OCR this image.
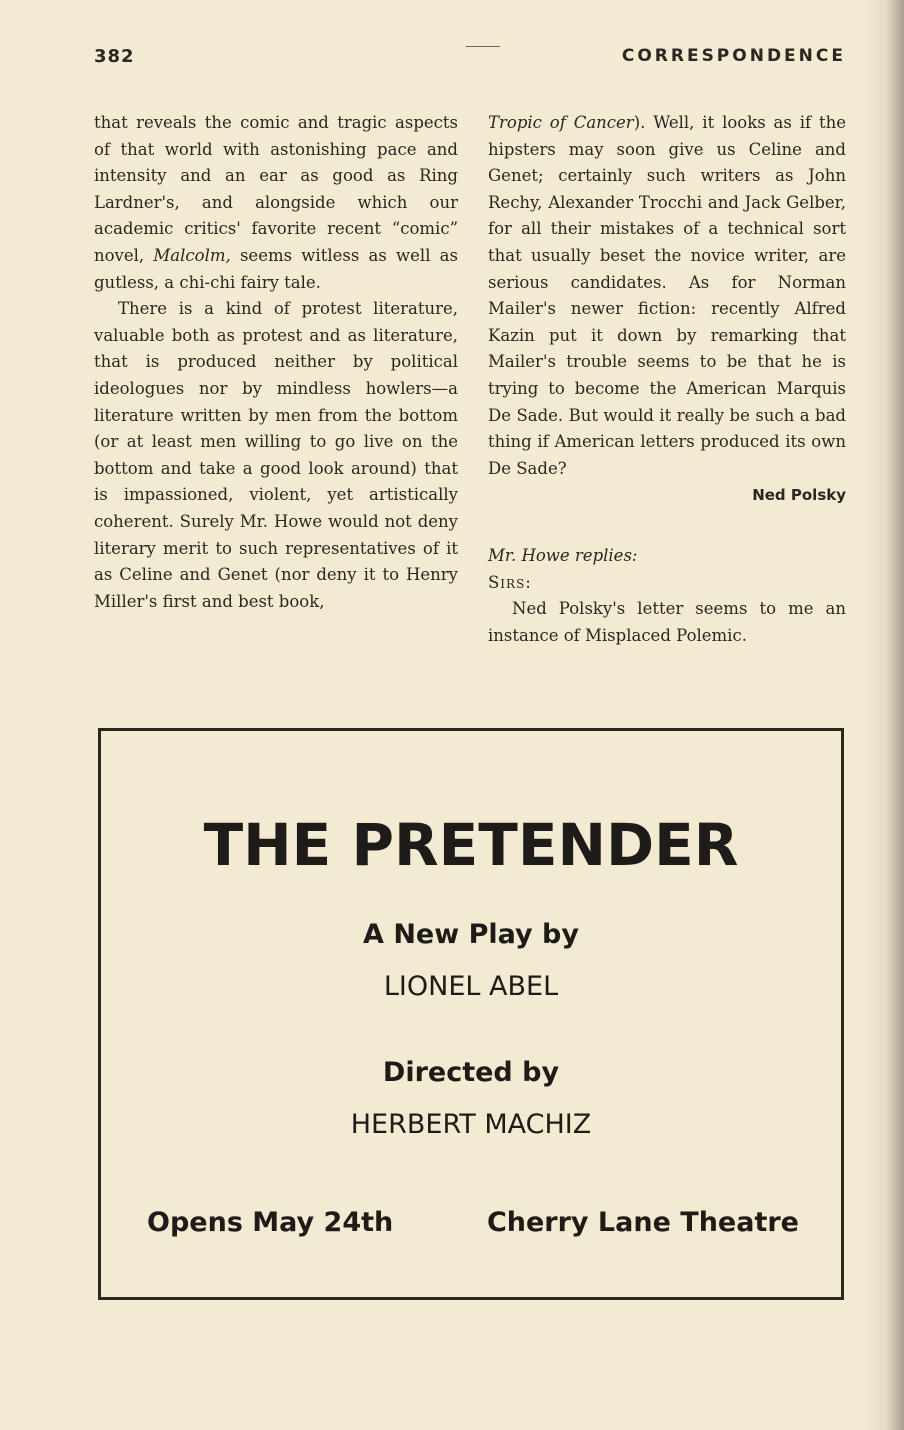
382	CORRESPONDENCE

that reveals the comic and tragic aspects of that world with astonishing pace and intensity and an ear as good as Ring Lardner's, and alongside which our academic critics' favorite recent “comic” novel, Malcolm, seems witless as well as gutless, a chi-chi fairy tale.

There is a kind of protest literature, valuable both as protest and as literature, that is produced neither by political ideologues nor by mindless howlers—a literature written by men from the bottom (or at least men willing to go live on the bottom and take a good look around) that is impassioned, violent, yet artistically coherent. Surely Mr. Howe would not deny literary merit to such representatives of it as Celine and Genet (nor deny it to Henry Miller's first and best book,

Tropic of Cancer). Well, it looks as if the hipsters may soon give us Celine and Genet; certainly such writers as John Rechy, Alexander Trocchi and Jack Gelber, for all their mistakes of a technical sort that usually beset the novice writer, are serious candidates. As for Norman Mailer's newer fiction: recently Alfred Kazin put it down by remarking that Mailer's trouble seems to be that he is trying to become the American Marquis De Sade. But would it really be such a bad thing if American letters produced its own De Sade?

Ned Polsky

Mr. Howe replies:

Sirs:

Ned Polsky's letter seems to me an instance of Misplaced Polemic.

THE PRETENDER
A New Play by
LIONEL ABEL
Directed by
HERBERT MACHIZ
Opens May 24th	Cherry Lane Theatre
